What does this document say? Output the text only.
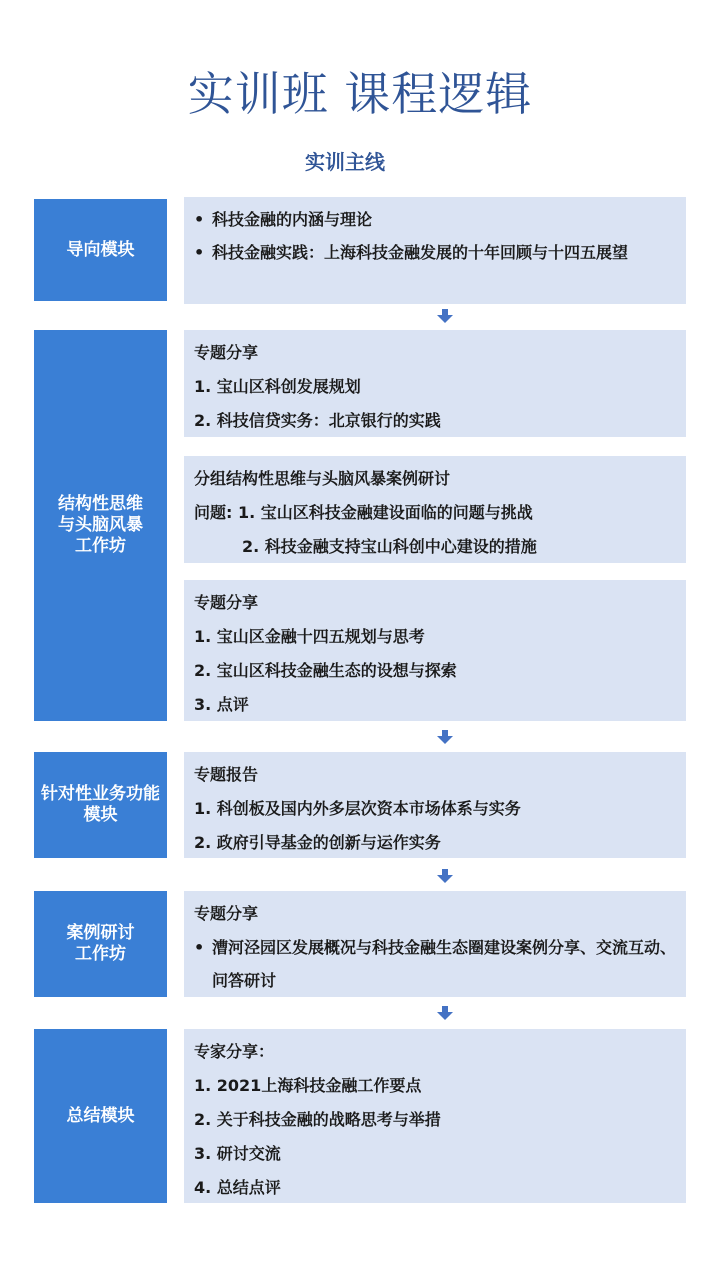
实训班 课程逻辑
实训主线
导向模块
• 科技金融的内涵与理论
• 科技金融实践：上海科技金融发展的十年回顾与十四五展望
结构性思维与头脑风暴工作坊
专题分享
1. 宝山区科创发展规划
2. 科技信贷实务：北京银行的实践
分组结构性思维与头脑风暴案例研讨
问题: 1. 宝山区科技金融建设面临的问题与挑战
2. 科技金融支持宝山科创中心建设的措施
专题分享
1. 宝山区金融十四五规划与思考
2. 宝山区科技金融生态的设想与探索
3. 点评
针对性业务功能模块
专题报告
1. 科创板及国内外多层次资本市场体系与实务
2. 政府引导基金的创新与运作实务
案例研讨工作坊
专题分享
• 漕河泾园区发展概况与科技金融生态圈建设案例分享、交流互动、问答研讨
总结模块
专家分享：
1. 2021上海科技金融工作要点
2. 关于科技金融的战略思考与举措
3. 研讨交流
4. 总结点评
